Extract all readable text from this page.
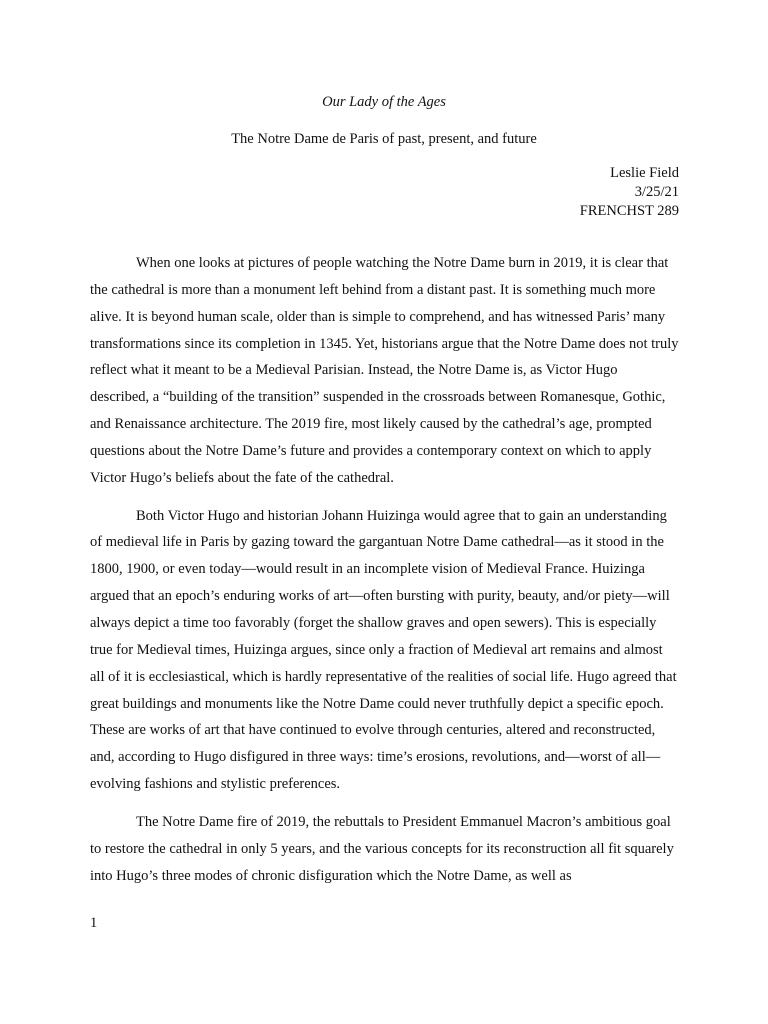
Our Lady of the Ages
The Notre Dame de Paris of past, present, and future
Leslie Field
3/25/21
FRENCHST 289

When one looks at pictures of people watching the Notre Dame burn in 2019, it is clear that the cathedral is more than a monument left behind from a distant past. It is something much more alive. It is beyond human scale, older than is simple to comprehend, and has witnessed Paris’ many transformations since its completion in 1345. Yet, historians argue that the Notre Dame does not truly reflect what it meant to be a Medieval Parisian. Instead, the Notre Dame is, as Victor Hugo described, a “building of the transition” suspended in the crossroads between Romanesque, Gothic, and Renaissance architecture. The 2019 fire, most likely caused by the cathedral’s age, prompted questions about the Notre Dame’s future and provides a contemporary context on which to apply Victor Hugo’s beliefs about the fate of the cathedral.

Both Victor Hugo and historian Johann Huizinga would agree that to gain an understanding of medieval life in Paris by gazing toward the gargantuan Notre Dame cathedral—as it stood in the 1800, 1900, or even today—would result in an incomplete vision of Medieval France. Huizinga argued that an epoch’s enduring works of art—often bursting with purity, beauty, and/or piety—will always depict a time too favorably (forget the shallow graves and open sewers). This is especially true for Medieval times, Huizinga argues, since only a fraction of Medieval art remains and almost all of it is ecclesiastical, which is hardly representative of the realities of social life. Hugo agreed that great buildings and monuments like the Notre Dame could never truthfully depict a specific epoch. These are works of art that have continued to evolve through centuries, altered and reconstructed, and, according to Hugo disfigured in three ways: time’s erosions, revolutions, and—worst of all—evolving fashions and stylistic preferences.

The Notre Dame fire of 2019, the rebuttals to President Emmanuel Macron’s ambitious goal to restore the cathedral in only 5 years, and the various concepts for its reconstruction all fit squarely into Hugo’s three modes of chronic disfiguration which the Notre Dame, as well as

1
